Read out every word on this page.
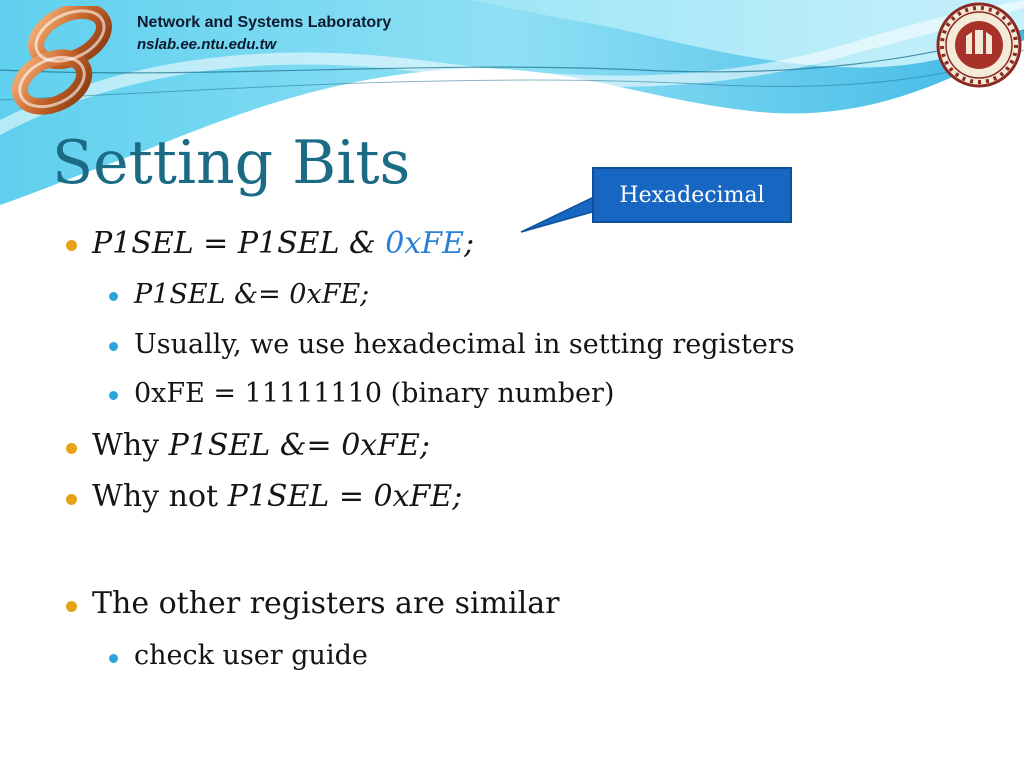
Network and Systems Laboratory
nslab.ee.ntu.edu.tw
Setting Bits	Hexadecimal
P1SEL = P1SEL & 0xFE;
P1SEL &= 0xFE;
Usually, we use hexadecimal in setting registers
0xFE = 11111110 (binary number)
Why P1SEL &= 0xFE;
Why not P1SEL = 0xFE;
The other registers are similar
check user guide
